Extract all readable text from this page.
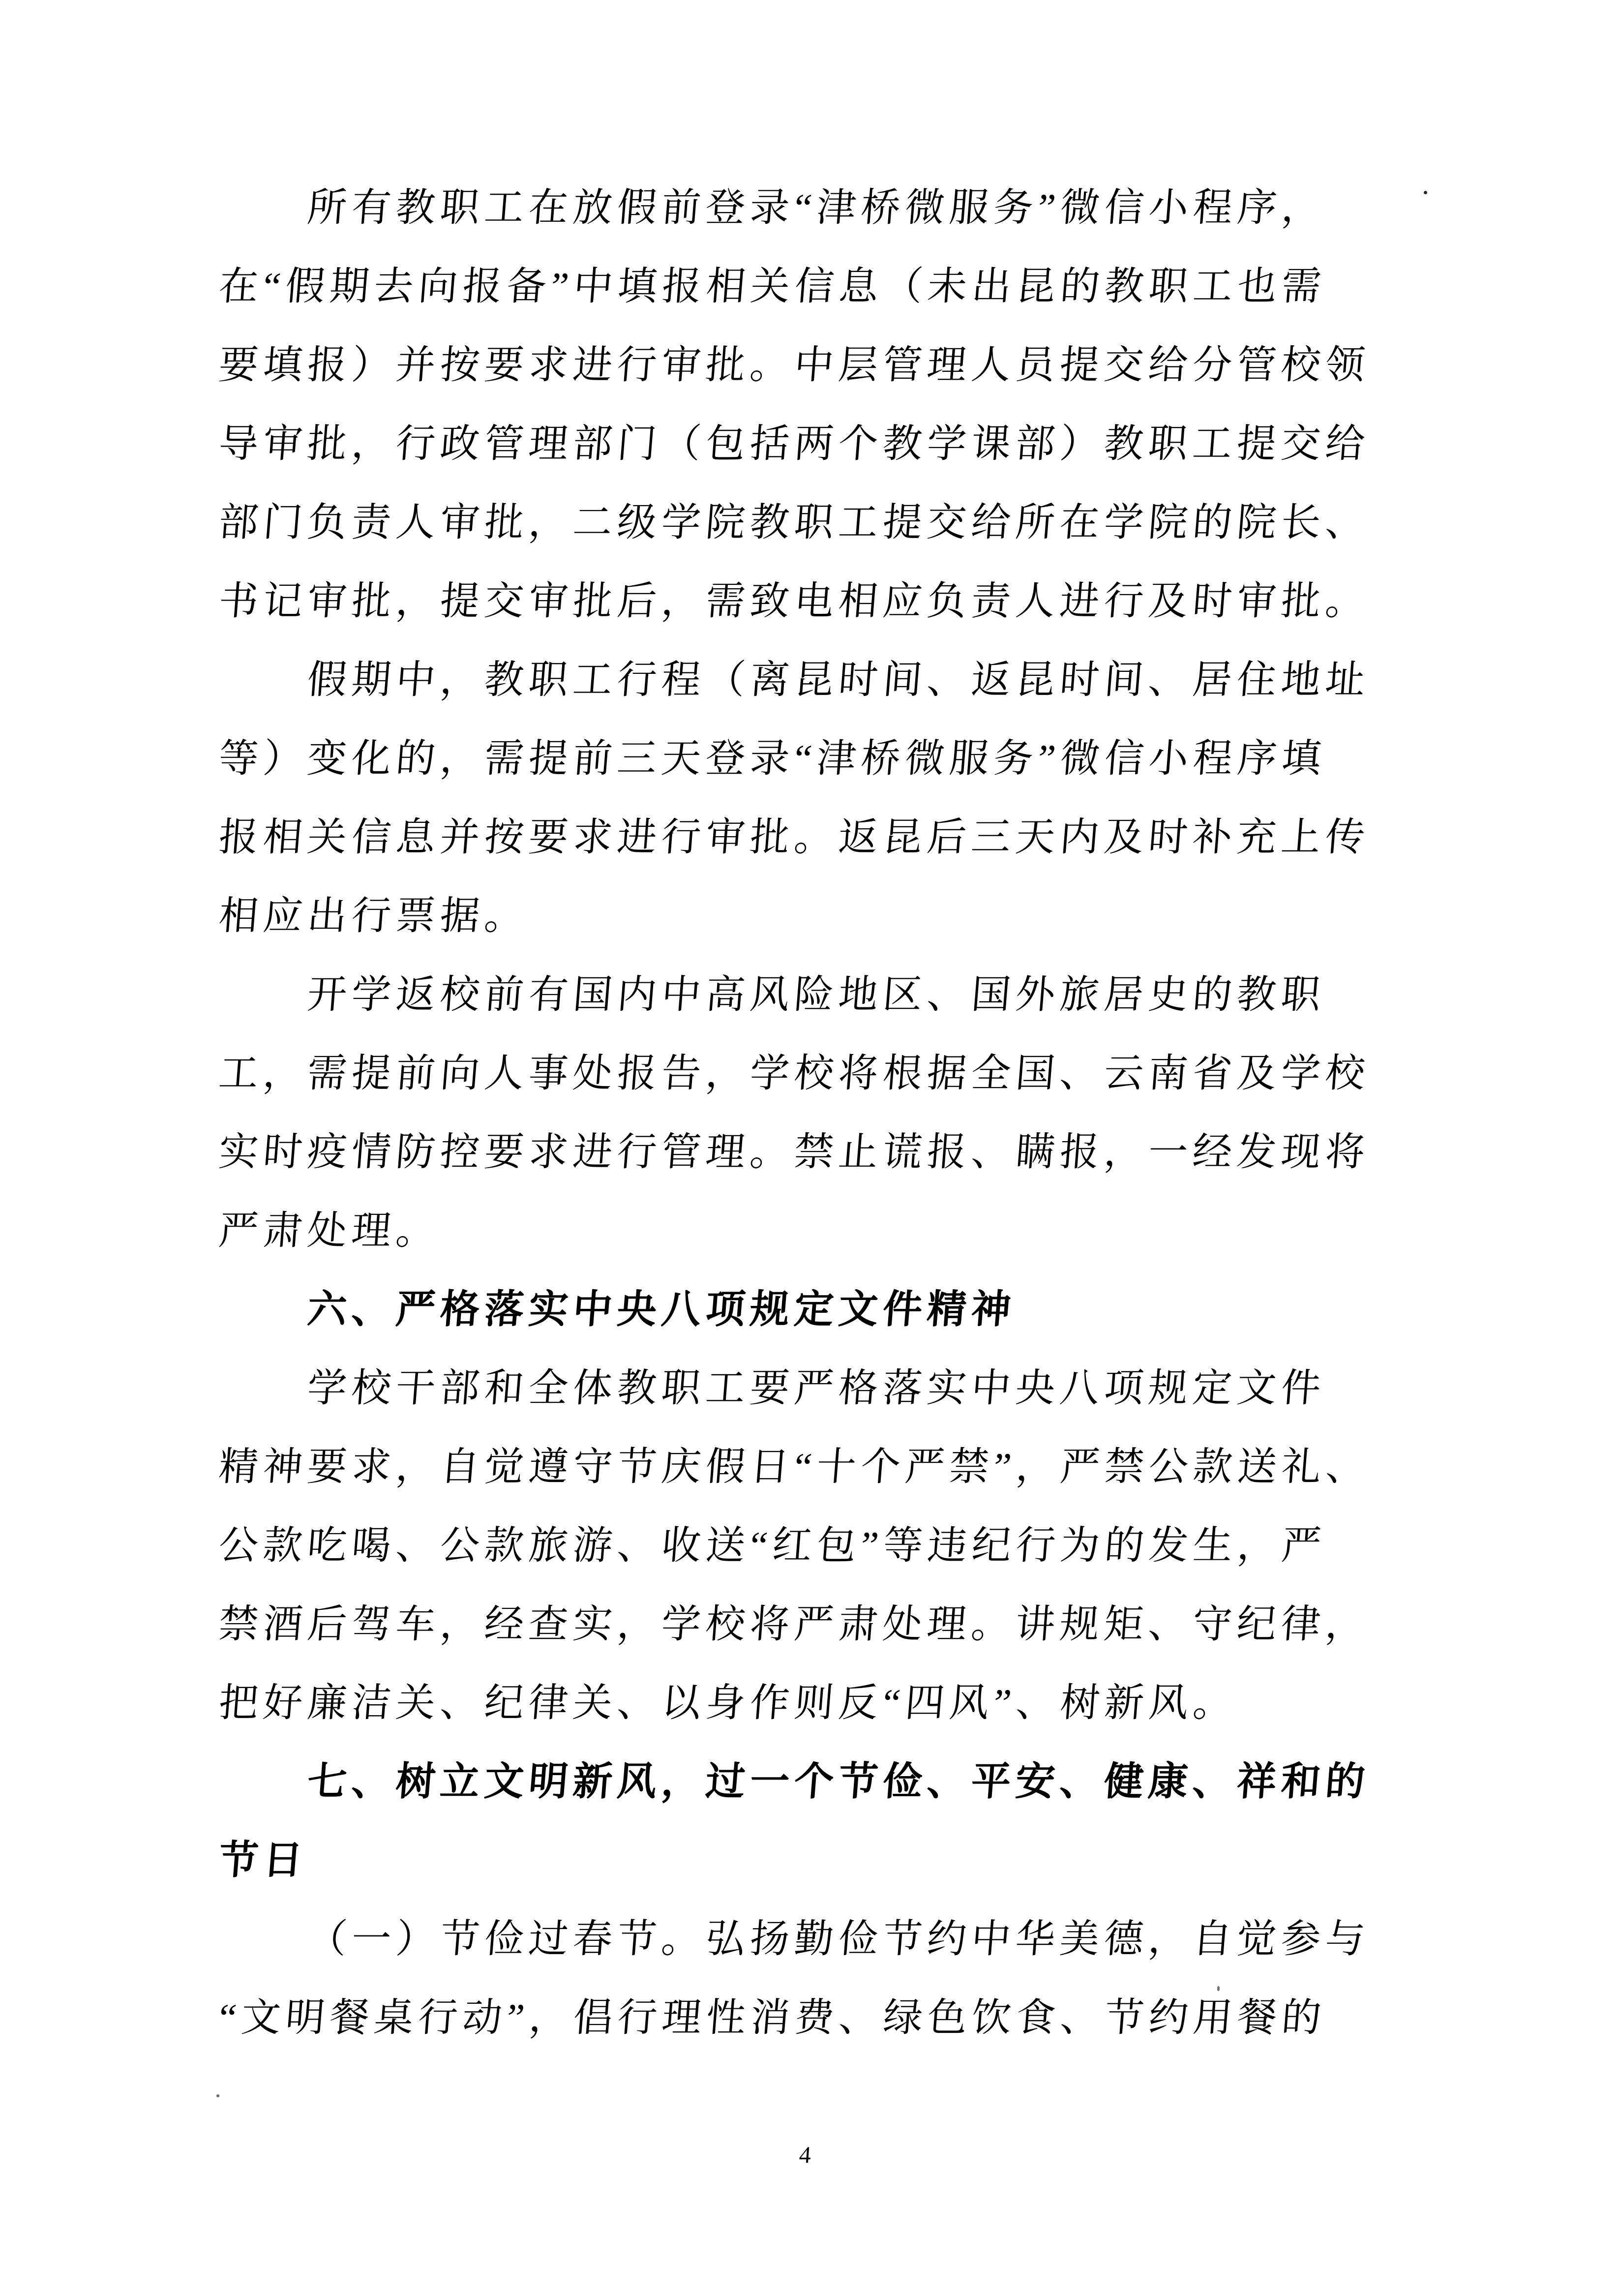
所有教职工在放假前登录“津桥微服务”微信小程序，
在“假期去向报备”中填报相关信息（未出昆的教职工也需
要填报）并按要求进行审批。中层管理人员提交给分管校领
导审批，行政管理部门（包括两个教学课部）教职工提交给
部门负责人审批，二级学院教职工提交给所在学院的院长、
书记审批，提交审批后，需致电相应负责人进行及时审批。
假期中，教职工行程（离昆时间、返昆时间、居住地址
等）变化的，需提前三天登录“津桥微服务”微信小程序填
报相关信息并按要求进行审批。返昆后三天内及时补充上传
相应出行票据。
开学返校前有国内中高风险地区、国外旅居史的教职
工，需提前向人事处报告，学校将根据全国、云南省及学校
实时疫情防控要求进行管理。禁止谎报、瞒报，一经发现将
严肃处理。
六、严格落实中央八项规定文件精神
学校干部和全体教职工要严格落实中央八项规定文件
精神要求，自觉遵守节庆假日“十个严禁”，严禁公款送礼、
公款吃喝、公款旅游、收送“红包”等违纪行为的发生，严
禁酒后驾车，经查实，学校将严肃处理。讲规矩、守纪律，
把好廉洁关、纪律关、以身作则反“四风”、树新风。
七、树立文明新风，过一个节俭、平安、健康、祥和的
节日
（一）节俭过春节。弘扬勤俭节约中华美德，自觉参与
“文明餐桌行动”，倡行理性消费、绿色饮食、节约用餐的
4
